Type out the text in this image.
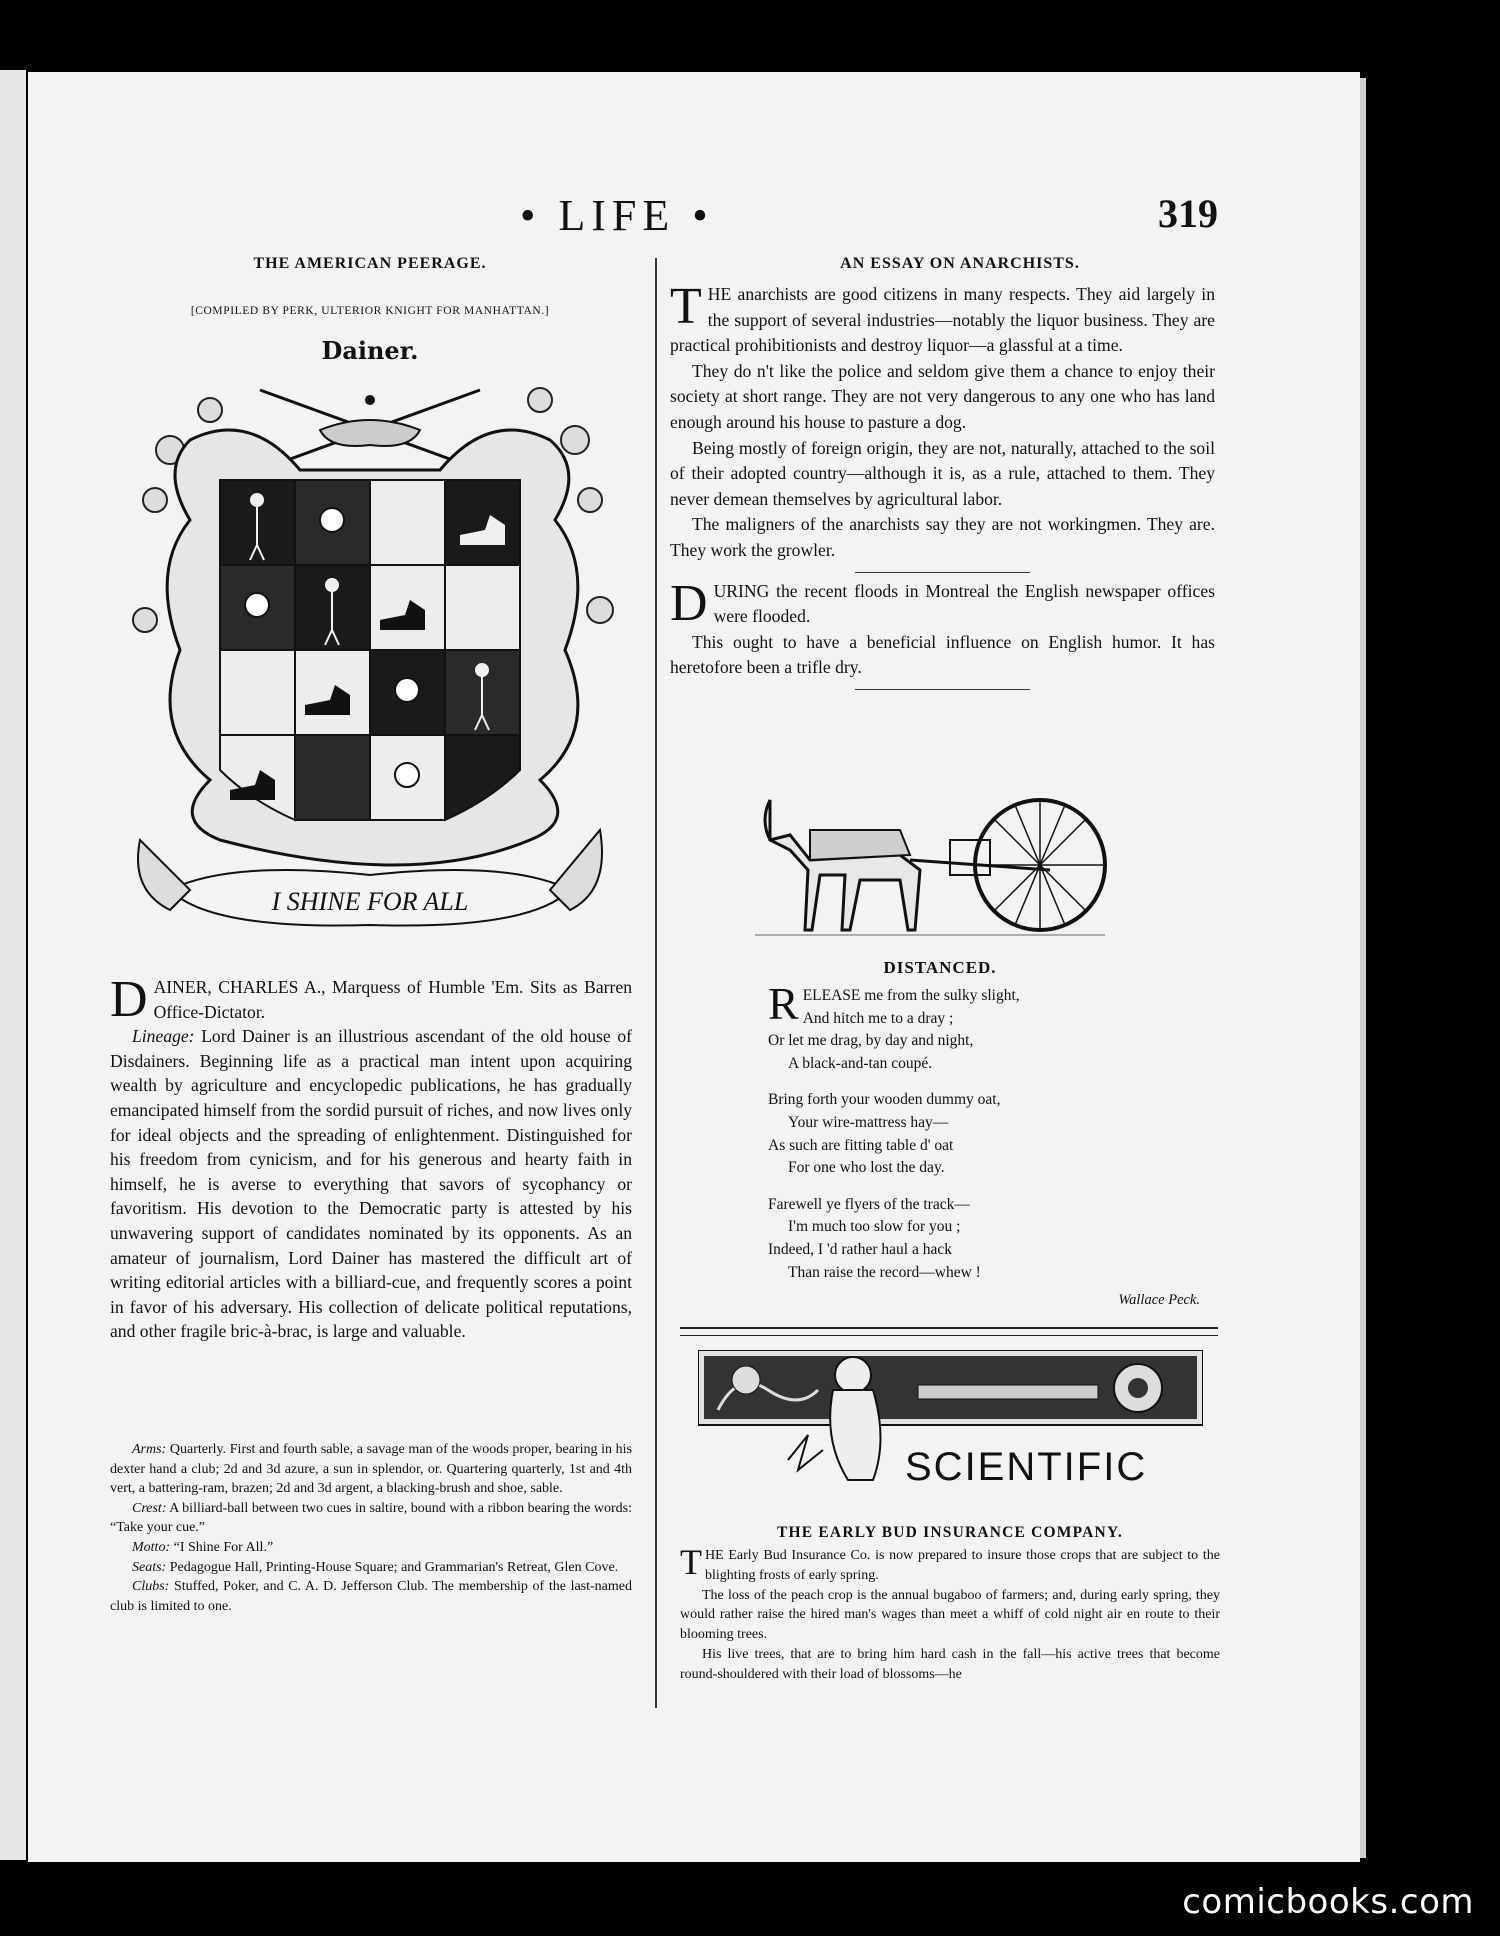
• LIFE •	319
THE AMERICAN PEERAGE.
[COMPILED BY PERK, ULTERIOR KNIGHT FOR MANHATTAN.]
Dainer.
I SHINE FOR ALL

DAINER, CHARLES A., Marquess of Humble 'Em. Sits as Barren Office-Dictator.

Lineage: Lord Dainer is an illustrious ascendant of the old house of Disdainers. Beginning life as a practical man intent upon acquiring wealth by agriculture and encyclopedic publications, he has gradually emancipated himself from the sordid pursuit of riches, and now lives only for ideal objects and the spreading of enlightenment. Distinguished for his freedom from cynicism, and for his generous and hearty faith in himself, he is averse to everything that savors of sycophancy or favoritism. His devotion to the Democratic party is attested by his unwavering support of candidates nominated by its opponents. As an amateur of journalism, Lord Dainer has mastered the difficult art of writing editorial articles with a billiard-cue, and frequently scores a point in favor of his adversary. His collection of delicate political reputations, and other fragile bric-à-brac, is large and valuable.

Arms: Quarterly. First and fourth sable, a savage man of the woods proper, bearing in his dexter hand a club; 2d and 3d azure, a sun in splendor, or. Quartering quarterly, 1st and 4th vert, a battering-ram, brazen; 2d and 3d argent, a blacking-brush and shoe, sable.

Crest: A billiard-ball between two cues in saltire, bound with a ribbon bearing the words: “Take your cue.”

Motto: “I Shine For All.”

Seats: Pedagogue Hall, Printing-House Square; and Grammarian's Retreat, Glen Cove.

Clubs: Stuffed, Poker, and C. A. D. Jefferson Club. The membership of the last-named club is limited to one.

AN ESSAY ON ANARCHISTS.

THE anarchists are good citizens in many respects. They aid largely in the support of several industries—notably the liquor business. They are practical prohibitionists and destroy liquor—a glassful at a time.

They do n't like the police and seldom give them a chance to enjoy their society at short range. They are not very dangerous to any one who has land enough around his house to pasture a dog.

Being mostly of foreign origin, they are not, naturally, attached to the soil of their adopted country—although it is, as a rule, attached to them. They never demean themselves by agricultural labor.

The maligners of the anarchists say they are not workingmen. They are. They work the growler.

DURING the recent floods in Montreal the English newspaper offices were flooded.

This ought to have a beneficial influence on English humor. It has heretofore been a trifle dry.

DISTANCED.
RELEASE me from the sulky slight,
And hitch me to a dray ;
Or let me drag, by day and night,
A black-and-tan coupé.
Bring forth your wooden dummy oat,
Your wire-mattress hay—
As such are fitting table d' oat
For one who lost the day.
Farewell ye flyers of the track—
I'm much too slow for you ;
Indeed, I 'd rather haul a hack
Than raise the record—whew !
Wallace Peck.
SCIENTIFIC
THE EARLY BUD INSURANCE COMPANY.

THE Early Bud Insurance Co. is now prepared to insure those crops that are subject to the blighting frosts of early spring.

The loss of the peach crop is the annual bugaboo of farmers; and, during early spring, they would rather raise the hired man's wages than meet a whiff of cold night air en route to their blooming trees.

His live trees, that are to bring him hard cash in the fall—his active trees that become round-shouldered with their load of blossoms—he

comicbooks.com
